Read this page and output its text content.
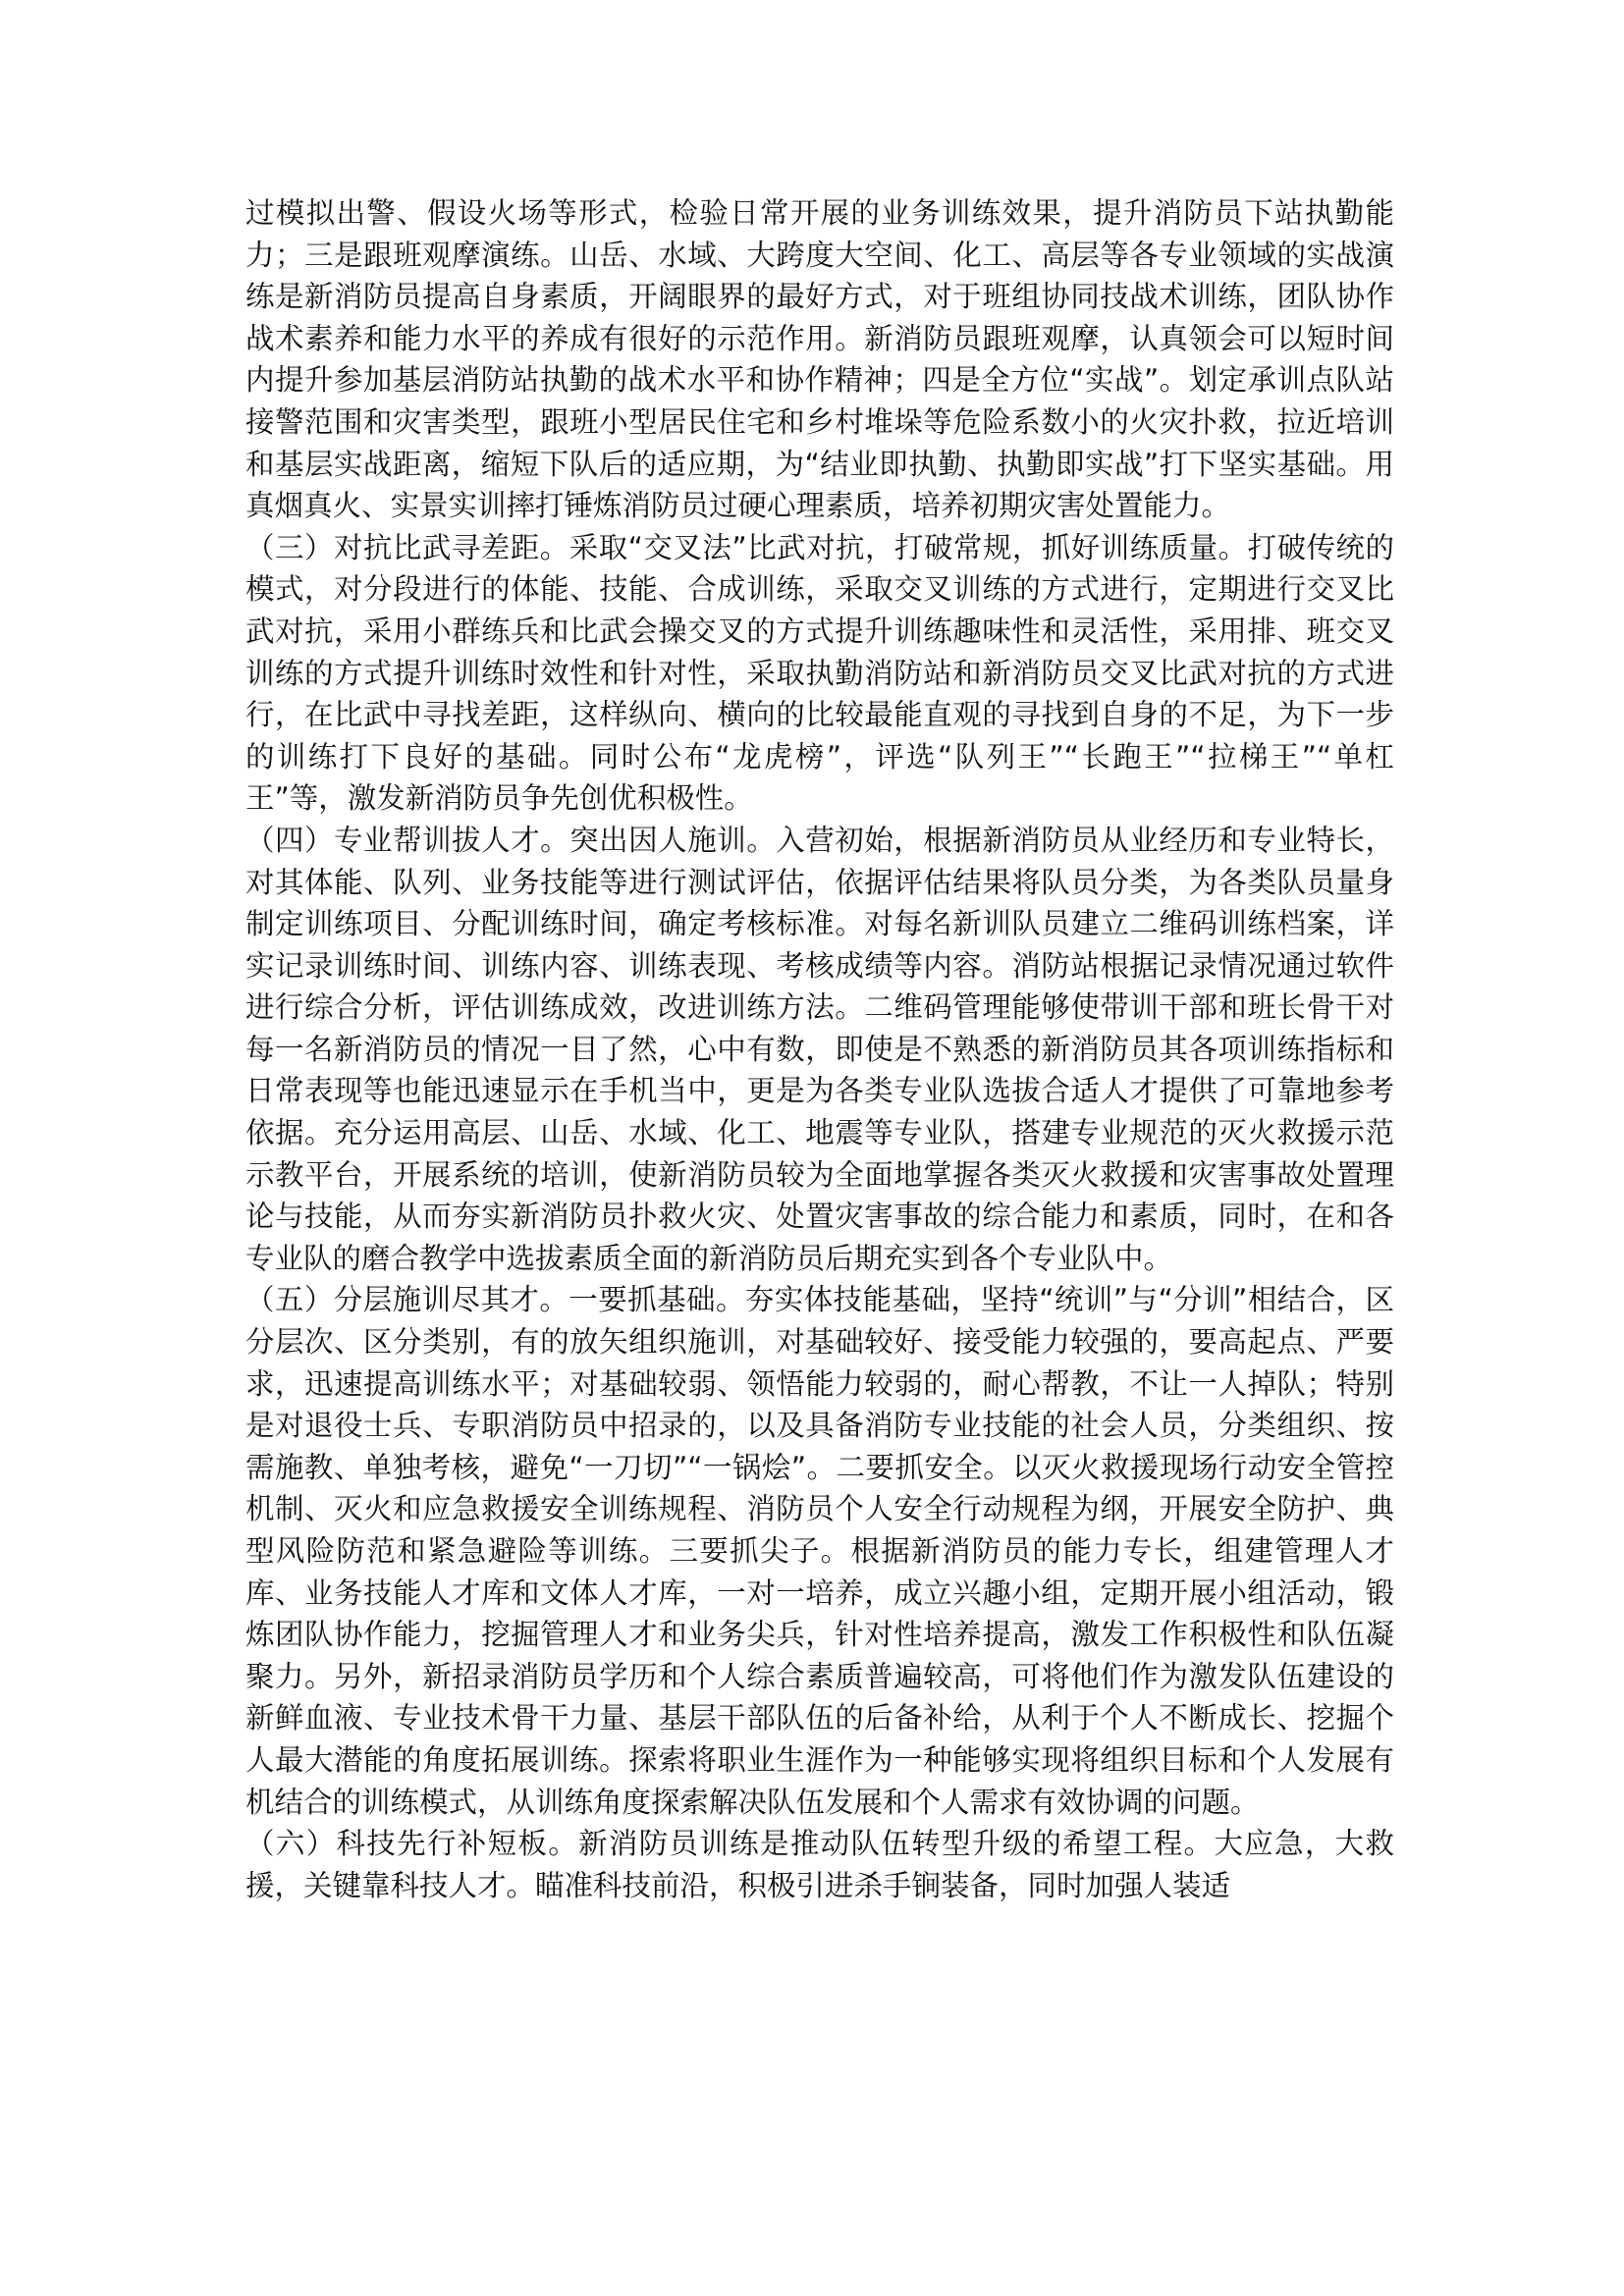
过模拟出警、假设火场等形式，检验日常开展的业务训练效果，提升消防员下站执勤能力；三是跟班观摩演练。山岳、水域、大跨度大空间、化工、高层等各专业领域的实战演练是新消防员提高自身素质，开阔眼界的最好方式，对于班组协同技战术训练，团队协作战术素养和能力水平的养成有很好的示范作用。新消防员跟班观摩，认真领会可以短时间内提升参加基层消防站执勤的战术水平和协作精神；四是全方位“实战”。划定承训点队站接警范围和灾害类型，跟班小型居民住宅和乡村堆垛等危险系数小的火灾扑救，拉近培训和基层实战距离，缩短下队后的适应期，为“结业即执勤、执勤即实战”打下坚实基础。用真烟真火、实景实训摔打锤炼消防员过硬心理素质，培养初期灾害处置能力。

（三）对抗比武寻差距。采取“交叉法”比武对抗，打破常规，抓好训练质量。打破传统的模式，对分段进行的体能、技能、合成训练，采取交叉训练的方式进行，定期进行交叉比武对抗，采用小群练兵和比武会操交叉的方式提升训练趣味性和灵活性，采用排、班交叉训练的方式提升训练时效性和针对性，采取执勤消防站和新消防员交叉比武对抗的方式进行，在比武中寻找差距，这样纵向、横向的比较最能直观的寻找到自身的不足，为下一步的训练打下良好的基础。同时公布“龙虎榜”，评选“队列王”“长跑王”“拉梯王”“单杠王”等，激发新消防员争先创优积极性。

（四）专业帮训拔人才。突出因人施训。入营初始，根据新消防员从业经历和专业特长，对其体能、队列、业务技能等进行测试评估，依据评估结果将队员分类，为各类队员量身制定训练项目、分配训练时间，确定考核标准。对每名新训队员建立二维码训练档案，详实记录训练时间、训练内容、训练表现、考核成绩等内容。消防站根据记录情况通过软件进行综合分析，评估训练成效，改进训练方法。二维码管理能够使带训干部和班长骨干对每一名新消防员的情况一目了然，心中有数，即使是不熟悉的新消防员其各项训练指标和日常表现等也能迅速显示在手机当中，更是为各类专业队选拔合适人才提供了可靠地参考依据。充分运用高层、山岳、水域、化工、地震等专业队，搭建专业规范的灭火救援示范示教平台，开展系统的培训，使新消防员较为全面地掌握各类灭火救援和灾害事故处置理论与技能，从而夯实新消防员扑救火灾、处置灾害事故的综合能力和素质，同时，在和各专业队的磨合教学中选拔素质全面的新消防员后期充实到各个专业队中。

（五）分层施训尽其才。一要抓基础。夯实体技能基础，坚持“统训”与“分训”相结合，区分层次、区分类别，有的放矢组织施训，对基础较好、接受能力较强的，要高起点、严要求，迅速提高训练水平；对基础较弱、领悟能力较弱的，耐心帮教，不让一人掉队；特别是对退役士兵、专职消防员中招录的，以及具备消防专业技能的社会人员，分类组织、按需施教、单独考核，避免“一刀切”“一锅烩”。二要抓安全。以灭火救援现场行动安全管控机制、灭火和应急救援安全训练规程、消防员个人安全行动规程为纲，开展安全防护、典型风险防范和紧急避险等训练。三要抓尖子。根据新消防员的能力专长，组建管理人才库、业务技能人才库和文体人才库，一对一培养，成立兴趣小组，定期开展小组活动，锻炼团队协作能力，挖掘管理人才和业务尖兵，针对性培养提高，激发工作积极性和队伍凝聚力。另外，新招录消防员学历和个人综合素质普遍较高，可将他们作为激发队伍建设的新鲜血液、专业技术骨干力量、基层干部队伍的后备补给，从利于个人不断成长、挖掘个人最大潜能的角度拓展训练。探索将职业生涯作为一种能够实现将组织目标和个人发展有机结合的训练模式，从训练角度探索解决队伍发展和个人需求有效协调的问题。

（六）科技先行补短板。新消防员训练是推动队伍转型升级的希望工程。大应急，大救援，关键靠科技人才。瞄准科技前沿，积极引进杀手锏装备，同时加强人装适
